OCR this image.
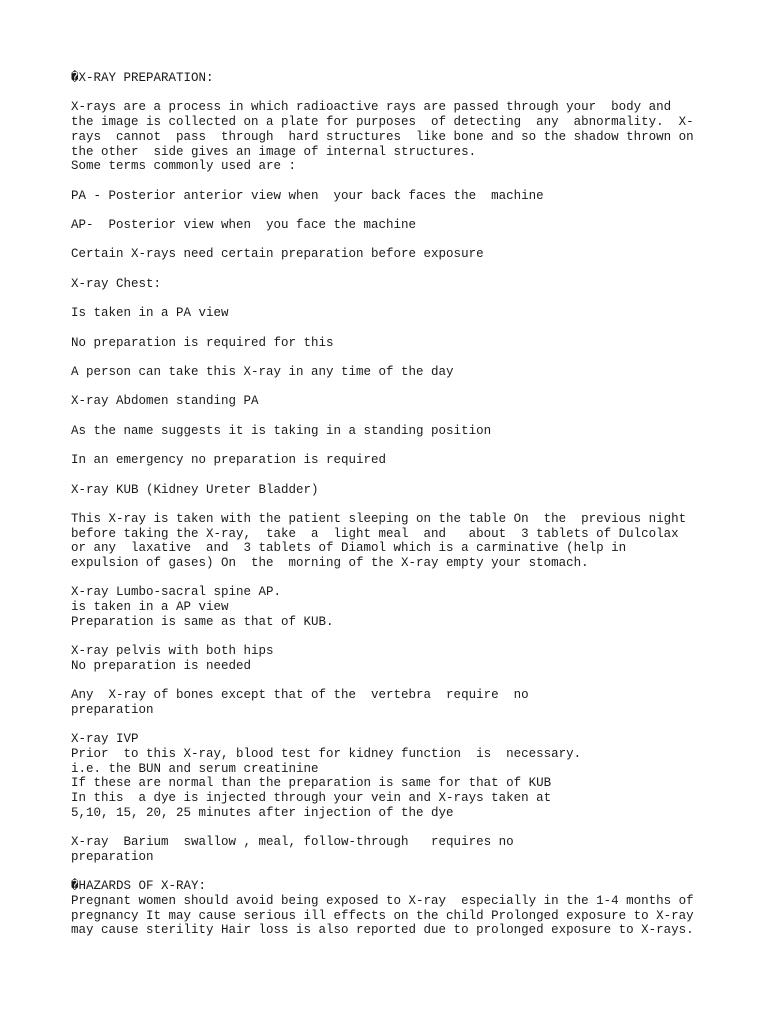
�X-RAY PREPARATION:
X-rays are a process in which radioactive rays are passed through your  body and
the image is collected on a plate for purposes  of detecting  any  abnormality.  X-
rays  cannot  pass  through  hard structures  like bone and so the shadow thrown on
the other  side gives an image of internal structures.
Some terms commonly used are :
PA - Posterior anterior view when  your back faces the  machine
AP-  Posterior view when  you face the machine
Certain X-rays need certain preparation before exposure
X-ray Chest:
Is taken in a PA view
No preparation is required for this
A person can take this X-ray in any time of the day
X-ray Abdomen standing PA
As the name suggests it is taking in a standing position
In an emergency no preparation is required
X-ray KUB (Kidney Ureter Bladder)
This X-ray is taken with the patient sleeping on the table On  the  previous night
before taking the X-ray,  take  a  light meal  and   about  3 tablets of Dulcolax
or any  laxative  and  3 tablets of Diamol which is a carminative (help in
expulsion of gases) On  the  morning of the X-ray empty your stomach.
X-ray Lumbo-sacral spine AP.
is taken in a AP view
Preparation is same as that of KUB.
X-ray pelvis with both hips
No preparation is needed
Any  X-ray of bones except that of the  vertebra  require  no
preparation
X-ray IVP
Prior  to this X-ray, blood test for kidney function  is  necessary.
i.e. the BUN and serum creatinine
If these are normal than the preparation is same for that of KUB
In this  a dye is injected through your vein and X-rays taken at
5,10, 15, 20, 25 minutes after injection of the dye
X-ray  Barium  swallow , meal, follow-through   requires no
preparation
�HAZARDS OF X-RAY:
Pregnant women should avoid being exposed to X-ray  especially in the 1-4 months of
pregnancy It may cause serious ill effects on the child Prolonged exposure to X-ray
may cause sterility Hair loss is also reported due to prolonged exposure to X-rays.
